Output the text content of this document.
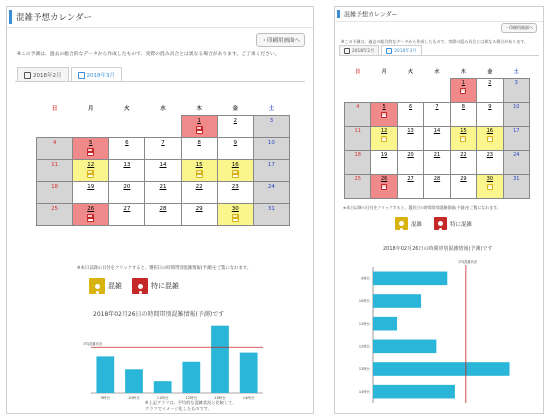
混雑予想カレンダー
・印刷用画面へ
※この予測は、過去の総合的なデータから作成したもので、実際の混み具合とは異なる場合があります。ご了承ください。
2018年2月	2018年3月
日	月	火	水	木	金	土

				1	2	3

4	5	6	7	8	9	10

11	12	13	14	15	16	17

18	19	20	21	22	23	24

25	26	27	28	29	30	31
※本日以降の日付をクリックすると、選択日の時間帯別混雑情報(予測)をご覧になれます。
混雑	特に混雑
2018年02月26日の時間帯別混雑情報(予測)です
9時台	10時台	11時台	12時台	13時台	14時台
平均混雑状況
※上記グラフは、平均的な混雑状況と比較して、
グラフでイメージ化したものです。
混雑予想カレンダー
・印刷用画面へ
※この予測は、過去の総合的なデータから作成したもので、実際の混み具合とは異なる場合があります。
2018年2月	2018年3月
日	月	火	水	木	金	土

				1	2	3

4	5	6	7	8	9	10

11	12	13	14	15	16	17

18	19	20	21	22	23	24

25	26	27	28	29	30	31
※本日以降の日付をクリックすると、選択日の時間帯別混雑情報(予測)をご覧になれます。
混雑	特に混雑
2018年02月26日の時間帯別混雑情報(予測)です
9時台
10時台
11時台
12時台
13時台
14時台
平均混雑状況
